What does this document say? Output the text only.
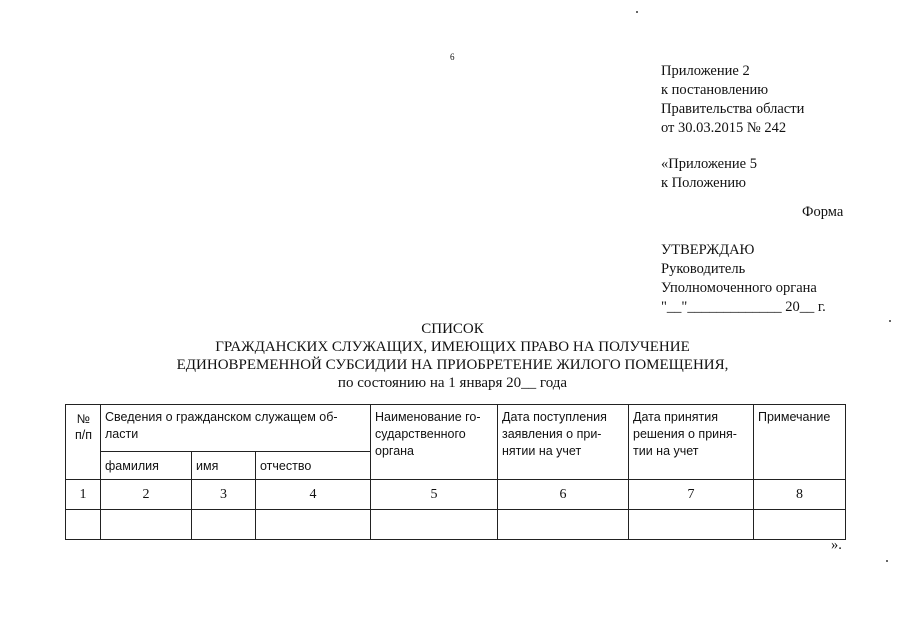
6
Приложение 2
к постановлению
Правительства области
от 30.03.2015 № 242
«Приложение 5
к Положению
Форма
УТВЕРЖДАЮ
Руководитель
Уполномоченного органа
"__"_____________ 20__ г.
СПИСОК
ГРАЖДАНСКИХ СЛУЖАЩИХ, ИМЕЮЩИХ ПРАВО НА ПОЛУЧЕНИЕ
ЕДИНОВРЕМЕННОЙ СУБСИДИИ НА ПРИОБРЕТЕНИЕ ЖИЛОГО ПОМЕЩЕНИЯ,
по состоянию на 1 января 20__ года
№ п/п	Сведения о гражданском служащем об- ласти			Наименование го- сударственного органа	Дата поступления заявления о при- нятии на учет	Дата принятия решения о приня- тии на учет	Примечание

	фамилия	имя	отчество				

1	2	3	4	5	6	7	8

».
